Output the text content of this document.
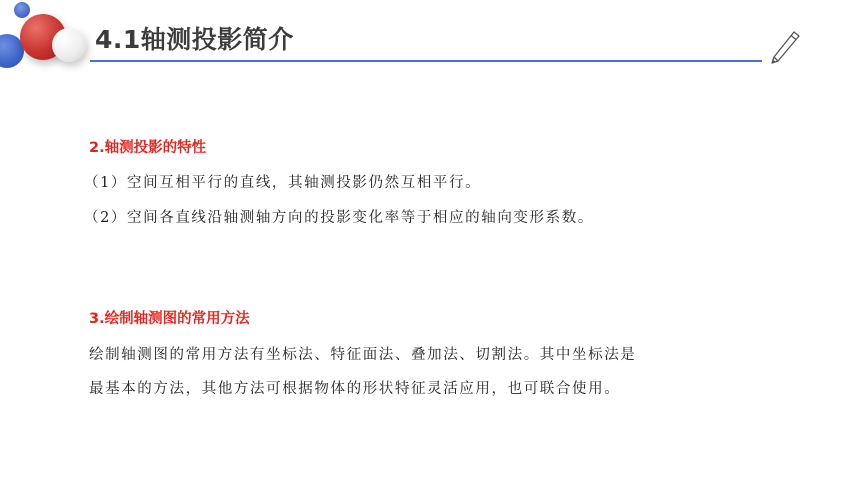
4.1轴测投影简介
2.轴测投影的特性
（1）空间互相平行的直线，其轴测投影仍然互相平行。
（2）空间各直线沿轴测轴方向的投影变化率等于相应的轴向变形系数。
3.绘制轴测图的常用方法
绘制轴测图的常用方法有坐标法、特征面法、叠加法、切割法。其中坐标法是
最基本的方法，其他方法可根据物体的形状特征灵活应用，也可联合使用。
